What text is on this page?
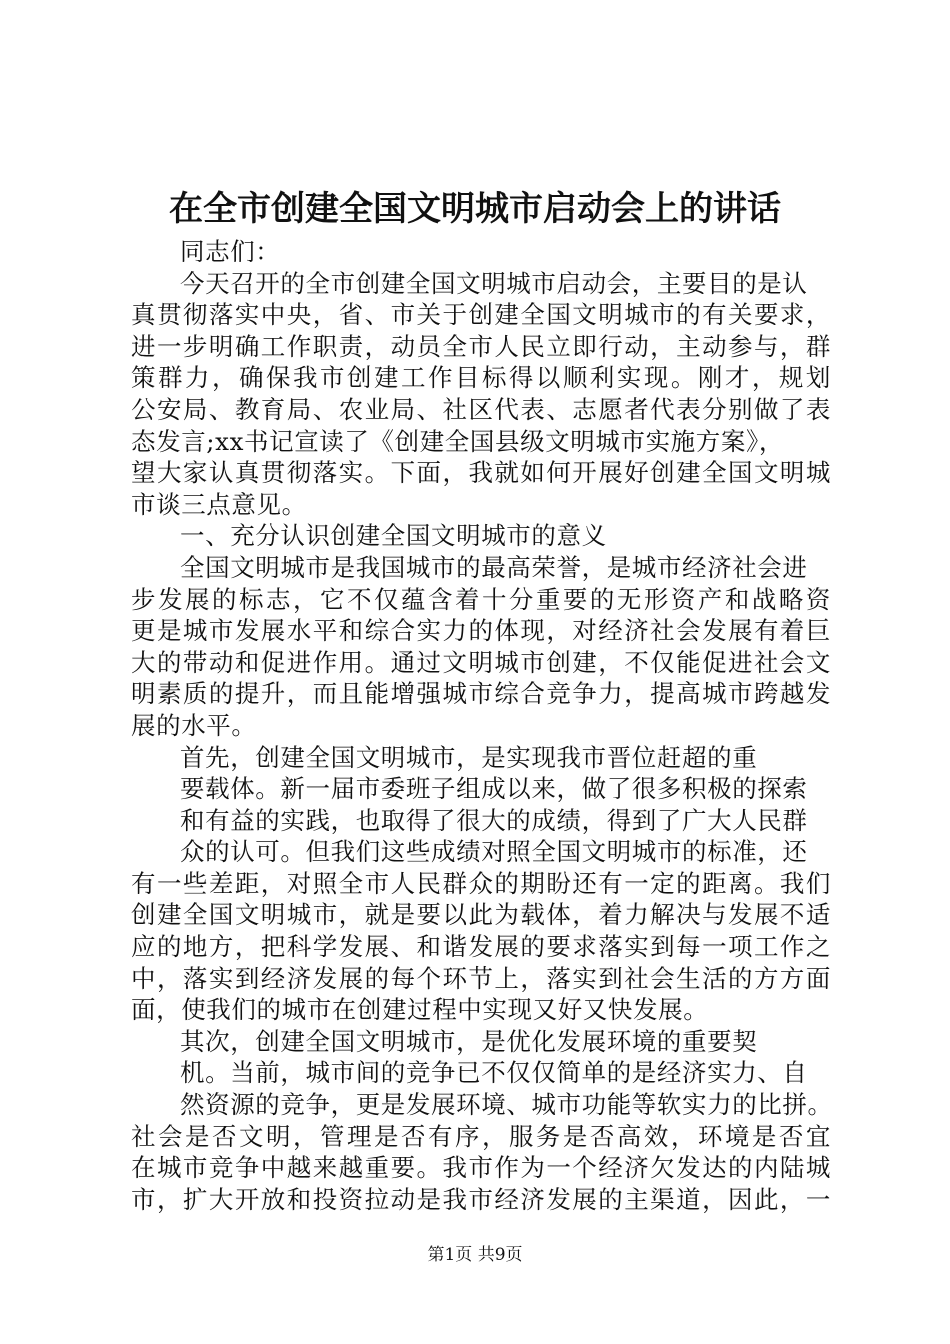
在全市创建全国文明城市启动会上的讲话
同志们：
今天召开的全市创建全国文明城市启动会，主要目的是认
真贯彻落实中央，省、市关于创建全国文明城市的有关要求，
进一步明确工作职责，动员全市人民立即行动，主动参与，群
策群力，确保我市创建工作目标得以顺利实现。刚才，规划
公安局、教育局、农业局、社区代表、志愿者代表分别做了表
态发言;xx书记宣读了《创建全国县级文明城市实施方案》，
望大家认真贯彻落实。下面，我就如何开展好创建全国文明城
市谈三点意见。
一、充分认识创建全国文明城市的意义
全国文明城市是我国城市的最高荣誉，是城市经济社会进
步发展的标志，它不仅蕴含着十分重要的无形资产和战略资
更是城市发展水平和综合实力的体现，对经济社会发展有着巨
大的带动和促进作用。通过文明城市创建，不仅能促进社会文
明素质的提升，而且能增强城市综合竞争力，提高城市跨越发
展的水平。
首先，创建全国文明城市，是实现我市晋位赶超的重
要载体。新一届市委班子组成以来，做了很多积极的探索
和有益的实践，也取得了很大的成绩，得到了广大人民群
众的认可。但我们这些成绩对照全国文明城市的标准，还
有一些差距，对照全市人民群众的期盼还有一定的距离。我们
创建全国文明城市，就是要以此为载体，着力解决与发展不适
应的地方，把科学发展、和谐发展的要求落实到每一项工作之
中，落实到经济发展的每个环节上，落实到社会生活的方方面
面，使我们的城市在创建过程中实现又好又快发展。
其次，创建全国文明城市，是优化发展环境的重要契
机。当前，城市间的竞争已不仅仅简单的是经济实力、自
然资源的竞争，更是发展环境、城市功能等软实力的比拼。
社会是否文明，管理是否有序，服务是否高效，环境是否宜
在城市竞争中越来越重要。我市作为一个经济欠发达的内陆城
市，扩大开放和投资拉动是我市经济发展的主渠道，因此，一
第1页 共9页
